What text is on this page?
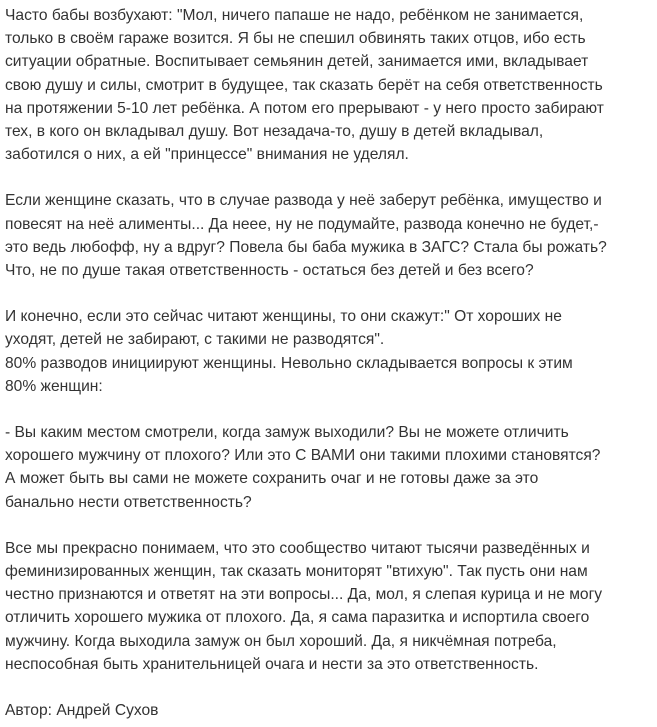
Часто бабы возбухают: "Мол, ничего папаше не надо, ребёнком не занимается,
только в своём гараже возится. Я бы не спешил обвинять таких отцов, ибо есть
ситуации обратные. Воспитывает семьянин детей, занимается ими, вкладывает
свою душу и силы, смотрит в будущее, так сказать берёт на себя ответственность
на протяжении 5-10 лет ребёнка. А потом его прерывают - у него просто забирают
тех, в кого он вкладывал душу. Вот незадача-то, душу в детей вкладывал,
заботился о них, а ей "принцессе" внимания не уделял.

Если женщине сказать, что в случае развода у неё заберут ребёнка, имущество и
повесят на неё алименты... Да нееe, ну не подумайте, развода конечно не будет,-
это ведь любофф, ну а вдруг? Повела бы баба мужика в ЗАГС? Стала бы рожать?
Что, не по душе такая ответственность - остаться без детей и без всего?

И конечно, если это сейчас читают женщины, то они скажут:" От хороших не
уходят, детей не забирают, с такими не разводятся".
80% разводов инициируют женщины. Невольно складывается вопросы к этим
80% женщин:

- Вы каким местом смотрели, когда замуж выходили? Вы не можете отличить
хорошего мужчину от плохого? Или это С ВАМИ они такими плохими становятся?
А может быть вы сами не можете сохранить очаг и не готовы даже за это
банально нести ответственность?

Все мы прекрасно понимаем, что это сообщество читают тысячи разведённых и
феминизированных женщин, так сказать мониторят "втихую". Так пусть они нам
честно признаются и ответят на эти вопросы... Да, мол, я слепая курица и не могу
отличить хорошего мужика от плохого. Да, я сама паразитка и испортила своего
мужчину. Когда выходила замуж он был хороший. Да, я никчёмная потреба,
неспособная быть хранительницей очага и нести за это ответственность.

Автор: Андрей Сухов
